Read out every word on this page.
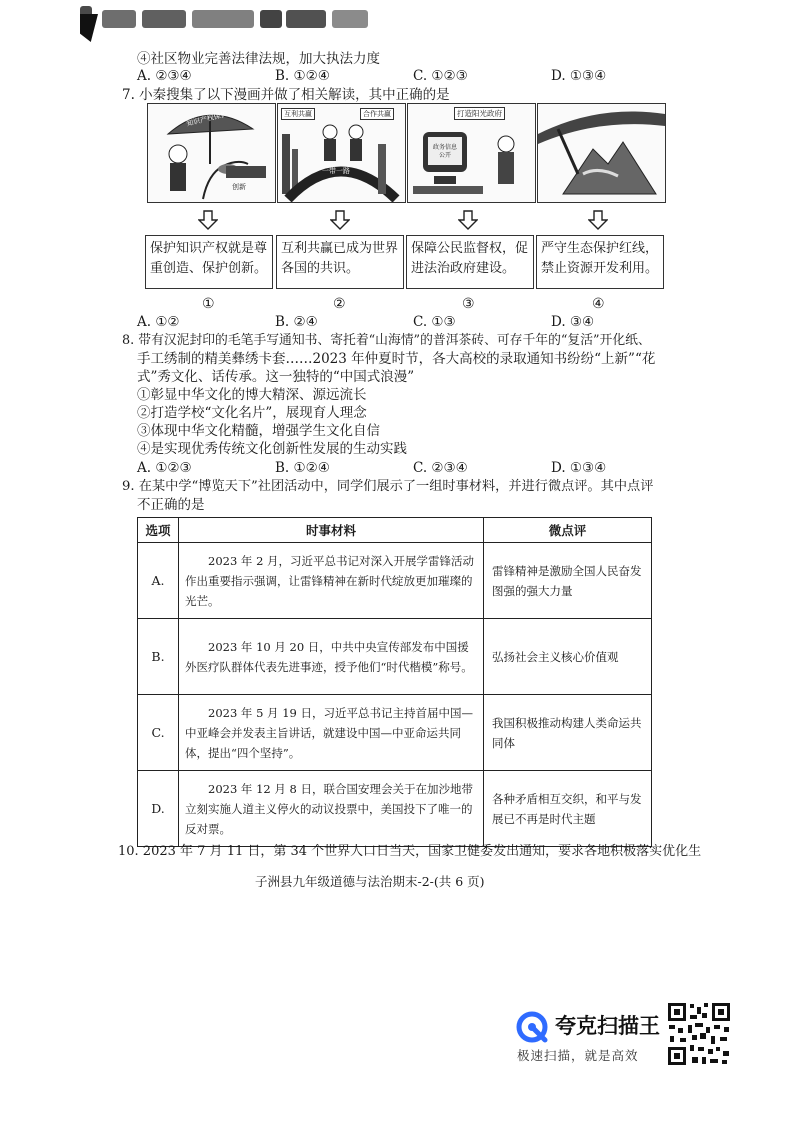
④社区物业完善法律法规，加大执法力度
A. ②③④	B. ①②④	C. ①②③	D. ①③④
7. 小秦搜集了以下漫画并做了相关解读，其中正确的是
知识产权保护
创新
互利共赢	合作共赢
一带一路
打造阳光政府
政务信息公开
保护知识产权就是尊重创造、保护创新。
互利共赢已成为世界各国的共识。
保障公民监督权，促进法治政府建设。
严守生态保护红线，禁止资源开发利用。
①	②	③	④
A. ①②	B. ②④	C. ①③	D. ③④
8. 带有汉泥封印的毛笔手写通知书、寄托着“山海情”的普洱茶砖、可存千年的“复活”开化纸、
手工绣制的精美彝绣卡套……2023 年仲夏时节，各大高校的录取通知书纷纷“上新”“花
式”秀文化、话传承。这一独特的“中国式浪漫”
①彰显中华文化的博大精深、源远流长
②打造学校“文化名片”，展现育人理念
③体现中华文化精髓，增强学生文化自信
④是实现优秀传统文化创新性发展的生动实践
A. ①②③	B. ①②④	C. ②③④	D. ①③④
9. 在某中学“博览天下”社团活动中，同学们展示了一组时事材料，并进行微点评。其中点评
不正确的是
选项	时事材料	微点评
A.	2023 年 2 月，习近平总书记对深入开展学雷锋活动作出重要指示强调，让雷锋精神在新时代绽放更加璀璨的光芒。	雷锋精神是激励全国人民奋发图强的强大力量
B.	2023 年 10 月 20 日，中共中央宣传部发布中国援外医疗队群体代表先进事迹，授予他们“时代楷模”称号。	弘扬社会主义核心价值观
C.	2023 年 5 月 19 日，习近平总书记主持首届中国—中亚峰会并发表主旨讲话，就建设中国—中亚命运共同体，提出“四个坚持”。	我国积极推动构建人类命运共同体
D.	2023 年 12 月 8 日，联合国安理会关于在加沙地带立刻实施人道主义停火的动议投票中，美国投下了唯一的反对票。	各种矛盾相互交织，和平与发展已不再是时代主题
10. 2023 年 7 月 11 日，第 34 个世界人口日当天，国家卫健委发出通知，要求各地积极落实优化生
子洲县九年级道德与法治期末-2-(共 6 页)
夸克扫描王
极速扫描，就是高效
